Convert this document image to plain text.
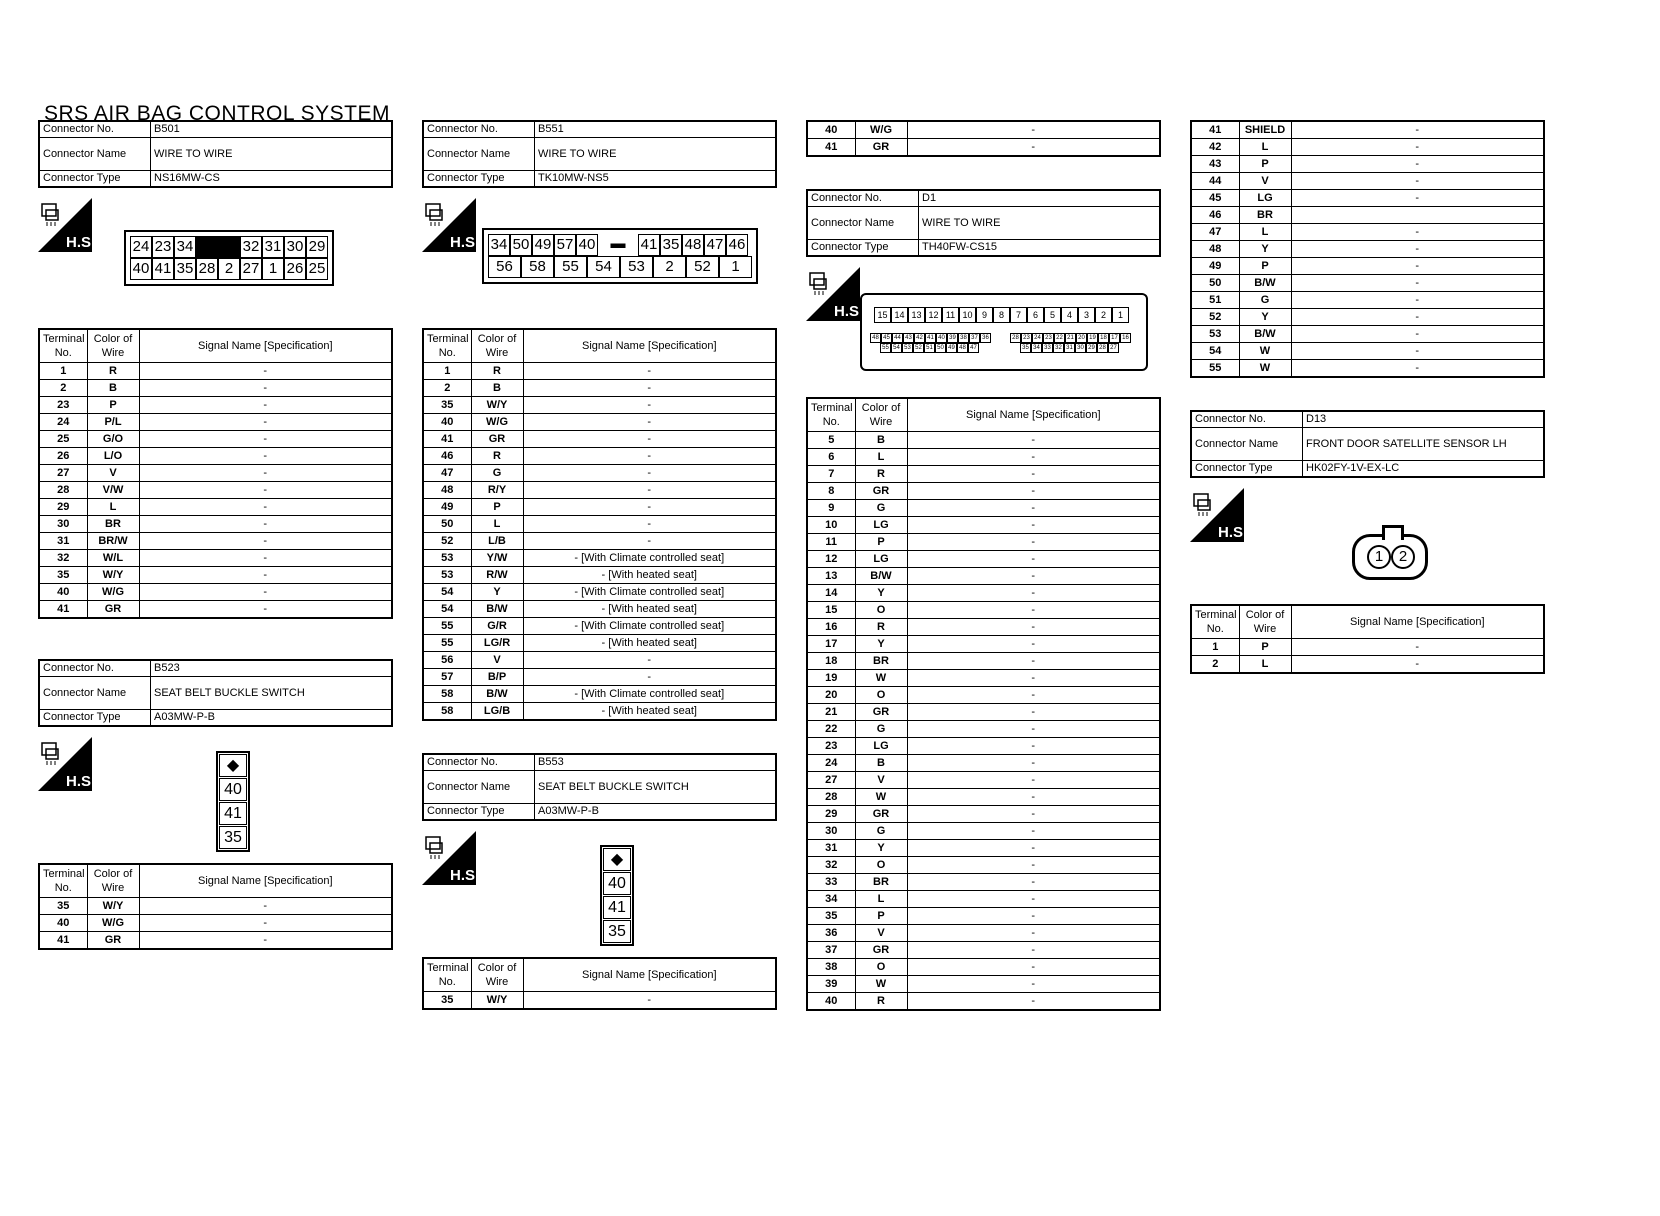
SRS AIR BAG CONTROL SYSTEM
Connector No.	B501
Connector Name	WIRE TO WIRE
Connector Type	NS16MW-CS
H.S. 24 23 34	32 31 30 29
40 41 35 28 2 27 1 26 25
Terminal No.	Color of Wire	Signal Name [Specification]
1	R	-
2	B	-
23	P	-
24	P/L	-
25	G/O	-
26	L/O	-
27	V	-
28	V/W	-
29	L	-
30	BR	-
31	BR/W	-
32	W/L	-
35	W/Y	-
40	W/G	-
41	GR	-
Connector No.	B523
Connector Name	SEAT BELT BUCKLE SWITCH
Connector Type	A03MW-P-B
H.S.
◆
40
41
35
Terminal No.	Color of Wire	Signal Name [Specification]
35	W/Y	-
40	W/G	-
41	GR	-
Connector No.	B551
Connector Name	WIRE TO WIRE
Connector Type	TK10MW-NS5
H.S. 34 50 49 57 40	▬	41 35 48 47 46
56	58	55	54	53	2	52	1
Terminal No.	Color of Wire	Signal Name [Specification]
1	R	-
2	B	-
35	W/Y	-
40	W/G	-
41	GR	-
46	R	-
47	G	-
48	R/Y	-
49	P	-
50	L	-
52	L/B	-
53	Y/W	- [With Climate controlled seat]
53	R/W	- [With heated seat]
54	Y	- [With Climate controlled seat]
54	B/W	- [With heated seat]
55	G/R	- [With Climate controlled seat]
55	LG/R	- [With heated seat]
56	V	-
57	B/P	-
58	B/W	- [With Climate controlled seat]
58	LG/B	- [With heated seat]
Connector No.	B553
Connector Name	SEAT BELT BUCKLE SWITCH
Connector Type	A03MW-P-B
H.S.
◆
40
41
35
Terminal No.	Color of Wire	Signal Name [Specification]
35	W/Y	-
40	W/G	-
41	GR	-
Connector No.	D1
Connector Name	WIRE TO WIRE
Connector Type	TH40FW-CS15
H.S.	15 14 13 12 11 10	9	8	7	6	5	4	3	2	1
48 45 44 43 42 41 40 39 38 37 36	28 23 24 23 22 21 20 19 18 17 16
55 54 53 52 51 50 49 48 47	35 34 33 32 31 30 29 28 27
Terminal No.	Color of Wire	Signal Name [Specification]
5	B	-
6	L	-
7	R	-
8	GR	-
9	G	-
10	LG	-
11	P	-
12	LG	-
13	B/W	-
14	Y	-
15	O	-
16	R	-
17	Y	-
18	BR	-
19	W	-
20	O	-
21	GR	-
22	G	-
23	LG	-
24	B	-
27	V	-
28	W	-
29	GR	-
30	G	-
31	Y	-
32	O	-
33	BR	-
34	L	-
35	P	-
36	V	-
37	GR	-
38	O	-
39	W	-
40	R	-
41	SHIELD	-
42	L	-
43	P	-
44	V	-
45	LG	-
46	BR	
47	L	-
48	Y	-
49	P	-
50	B/W	-
51	G	-
52	Y	-
53	B/W	-
54	W	-
55	W	-
Connector No.	D13
Connector Name	FRONT DOOR SATELLITE SENSOR LH
Connector Type	HK02FY-1V-EX-LC
H.S.
1	2
Terminal No.	Color of Wire	Signal Name [Specification]
1	P	-
2	L	-
